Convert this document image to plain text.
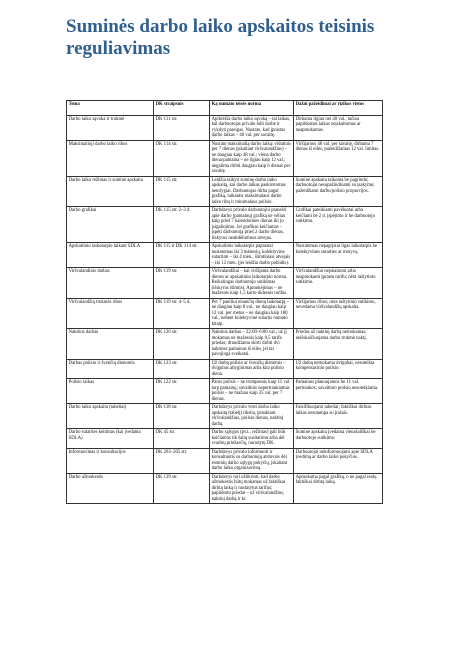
Suminės darbo laiko apskaitos teisinis
reguliavimas
Tema	DK straipsnis	Ką numato teisės norma	Dažni pažeidimai ar rizikos vietos
Darbo laiko sąvoka ir trukmė	DK 111 str.	Apibrėžia darbo laiko sąvoką – tai laikas, kai darbuotojas privalo būti darbe ir vykdyti pareigas. Nustato, kad įprastas darbo laikas – 40 val. per savaitę.	Dirbama ilgiau nei 40 val., tačiau papildomas laikas neįskaitomas ar neapmokamas.
Maksimalioji darbo laiko ribos	DK 114 str.	Nustato maksimalią darbo laiką: vidutinis per 7 dienas (įskaitant viršvalandžius) – ne daugiau kaip 48 val.; viena darbo diena/pamaina – ne ilgiau kaip 12 val.; negalima dirbti daugiau kaip 6 dienas per savaitę.	Viršijamos 48 val. per savaitę, dirbama 7 dienas iš eilės, pažeidžiamas 12 val. limitas.
Darbo laiko režimas ir suminė apskaita	DK 115 str.	Leidžia taikyti suminę darbo laiko apskaitą, kai darbo laikas paskirstomas netolygiai. Darbuotojas dirba pagal grafiką, laikantis maksimalaus darbo laiko ribų ir minimalaus poilsio.	Suminė apskaita taikoma be pagrindo; darbuotojai nesupažindinami su įsakymu; pažeidžiami darbo/poilsio proporcijos.
Darbo grafikai	DK 115 str. 2–3 d.	Darbdavys privalo darbuotojui pranešti apie darbo (pamainų) grafiką ne vėliau kaip prieš 7 kalendorines dienas iki jo įsigaliojimo. Jei grafikas keičiamas – įspėti darbuotoją prieš 2 darbo dienas, išskyrus neatidėliotinus atvejus.	Grafikai pateikiami pavėluotai arba keičiami be 2 d. įspėjimo ir be darbuotojo sutikimo.
Apskaitinio laikotarpio taikant SDLA	DK 115 ir DK 114 str.	Apskaitinis laikotarpis paprastai nustatomas iki 3 mėnesių, kolektyvine sutartimi – iki 4 mėn., išimtiniais atvejais – iki 12 mėn. (jei leidžia darbo pobūdis).	Nustatomas nepagrįstai ilgas laikotarpis be kolektyvinės sutarties ar motyvų.
Viršvalandinis darbas	DK 119 str.	Viršvalandžiai – kai viršijama darbo dienos ar apskaitinio laikotarpio norma. Reikalingas darbuotojo sutikimas (išskyrus išimtis). Apmokėjimas – ne mažesnis kaip 1,5 karto didesnis tarifas.	Viršvalandžiai neįskaitomi arba neapmokami įprastu tarifu; nėra raštytinio sutikimo.
Viršvalandžių trukmės ribos	DK 119 str. 4–5 d.	Per 7 paeiliui einančių dienų laikotarpį – ne daugiau kaip 8 val.; ne daugiau kaip 12 val. per metus – ne daugiau kaip 180 val., nebent kolektyvinė sutartis numato kitaip.	Viršijamos ribos; nėra raštytinio sutikimo, nevedama viršvalandžių apskaita.
Naktinis darbas	DK 120 str.	Naktinis darbas – 22:00–6:00 val.; už jį mokamas ne mažesnis kaip 0,5 tarifo priedas; draudžiama skirti dirbti dvi naktines pamainas iš eilės, jei tai pavojinga sveikatai.	Priedas už naktinį darbą nemokamas; neišskaičiuojama darbo trukmė naktį.
Darbas poilsio ir švenčių dienomis	DK 123 str.	Už darbą poilsio ar švenčių dienomis – dvigubas atlyginimas arba kita poilsio diena.	Už darbą nemokama dvigubai, nesuteikta kompensacinio poilsio.
Poilsio laikas	DK 122 str.	Paros poilsis – ne trumpesnis kaip 11 val. tarp pamainų; savaitinis nepertraukiamas poilsis – ne mažiau kaip 35 val. per 7 dienas.	Pamainos planuojamos be 11 val. pertraukos; savaitinio poilsio nesuteikiama.
Darbo laiko apskaita (tabeliai)	DK 118 str.	Darbdavys privalo vesti darbo laiko apskaitą (tabelį) tikslia, įtraukiant viršvalandžius, poilsio dienas, naktinį darbą.	Falsifikuojami tabeliai; faktiškai dirbtas laikas nesutampa su įrašais.
Darbo sutarties keitimas (kai įvedama SDLA)	DK 45 str.	Darbo sąlygos (pvz., režimas) gali būti keičiamos tik šalių susitarimu arba dėl svarbių priežasčių, nurodytų DK.	Suminė apskaita įvedama vienašališkai be darbuotojo sutikimo.
Informavimas ir konsultacijos	DK 203–205 str.	Darbdavys privalo informuoti ir konsultuotis su darbuotojų atstovais dėl esminių darbo sąlygų pokyčių, įskaitant darbo laiko organizavimą.	Darbuotojai neinformuojami apie SDLA įvedimą ar darbo laiko pokyčius.
Darbo užmokestis	DK 139 str.	Darbdavys turi užtikrinti, kad darbo užmokestis būtų mokamas už faktiškai dirbtą laiką ir nustatytus tarifus; papildomi priedai – už viršvalandžius, naktinį darbą ir kt.	Apmokama pagal grafiką, o ne pagal realų faktiškai dirbtą laiką.
